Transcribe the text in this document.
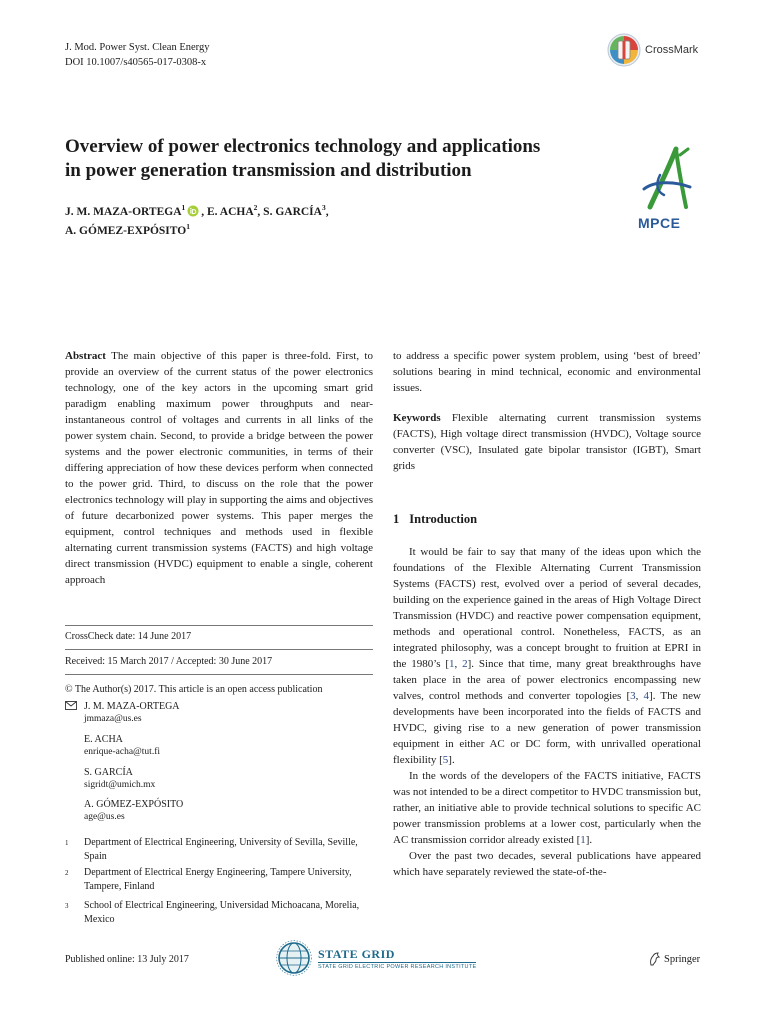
J. Mod. Power Syst. Clean Energy
DOI 10.1007/s40565-017-0308-x
CrossMark
Overview of power electronics technology and applications
in power generation transmission and distribution
J. M. MAZA-ORTEGA$^1$ , E. ACHA$^2$, S. GARCÍA$^3$,
A. GÓMEZ-EXPÓSITO$^1$	MPCE

Abstract The main objective of this paper is three-fold. First, to provide an overview of the current status of the power electronics technology, one of the key actors in the upcoming smart grid paradigm enabling maximum power throughputs and near-instantaneous control of voltages and currents in all links of the power system chain. Second, to provide a bridge between the power systems and the power electronic communities, in terms of their differing appreciation of how these devices perform when connected to the power grid. Third, to discuss on the role that the power electronics technology will play in supporting the aims and objectives of future decarbonized power systems. This paper merges the equipment, control techniques and methods used in flexible alternating current transmission systems (FACTS) and high voltage direct transmission (HVDC) equipment to enable a single, coherent approach

CrossCheck date: 14 June 2017
Received: 15 March 2017 / Accepted: 30 June 2017
© The Author(s) 2017. This article is an open access publication
J. M. MAZA-ORTEGA
jmmaza@us.es
E. ACHA
enrique-acha@tut.fi
S. GARCÍA
sigridt@umich.mx
A. GÓMEZ-EXPÓSITO
age@us.es
1	Department of Electrical Engineering, University of Sevilla, Seville, Spain
2	Department of Electrical Energy Engineering, Tampere University, Tampere, Finland
3	School of Electrical Engineering, Universidad Michoacana, Morelia, Mexico

to address a specific power system problem, using ‘best of breed’ solutions bearing in mind technical, economic and environmental issues.

Keywords Flexible alternating current transmission systems (FACTS), High voltage direct transmission (HVDC), Voltage source converter (VSC), Insulated gate bipolar transistor (IGBT), Smart grids

1 Introduction

It would be fair to say that many of the ideas upon which the foundations of the Flexible Alternating Current Transmission Systems (FACTS) rest, evolved over a period of several decades, building on the experience gained in the areas of High Voltage Direct Transmission (HVDC) and reactive power compensation equipment, methods and operational control. Nonetheless, FACTS, as an integrated philosophy, was a concept brought to fruition at EPRI in the 1980’s [1, 2]. Since that time, many great breakthroughs have taken place in the area of power electronics encompassing new valves, control methods and converter topologies [3, 4]. The new developments have been incorporated into the fields of FACTS and HVDC, giving rise to a new generation of power transmission equipment in either AC or DC form, with unrivalled operational flexibility [5].

In the words of the developers of the FACTS initiative, FACTS was not intended to be a direct competitor to HVDC transmission but, rather, an initiative able to provide technical solutions to specific AC power transmission problems at a lower cost, particularly when the AC transmission corridor already existed [1].

Over the past two decades, several publications have appeared which have separately reviewed the state-of-the-

Published online: 13 July 2017	STATE GRID
STATE GRID ELECTRIC POWER RESEARCH INSTITUTE
Springer
